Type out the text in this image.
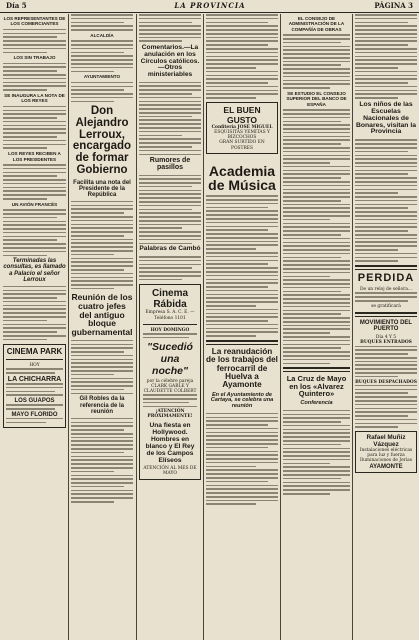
Día 5	LA PROVINCIA	PÁGINA 3
LOS REPRESENTANTES DE LOS COMERCIANTES
LOS SIN TRABAJO
SE INAUGURA LA NOTA DE LOS REYES
LOS REYES RECIBEN A LOS PRESIDENTES
UN AVIÓN FRANCÉS
Terminadas las consultas, es llamado a Palacio el señor Lerroux
CINEMA PARK
HOY
LA CHICHARRA
LOS GUAPOS
MAYO FLORIDO
ALCALDÍA
AYUNTAMIENTO
Don Alejandro Lerroux, encargado de formar Gobierno
Facilita una nota del Presidente de la República
Reunión de los cuatro jefes del antiguo bloque gubernamental
Gil Robles da la referencia de la reunión
Comentarios.—La anulación en los Círculos católicos.—Otros ministeriables
Rumores de pasillos
Palabras de Cambó
Cinema Rábida
Empresa S. A. C. E. — Teléfono 1101
HOY DOMINGO
"Sucedió una noche"
por la célebre pareja CLARK GABLE Y CLAUDETTE COLBERT
¡ATENCIÓN PRÓXIMAMENTE!
Una fiesta en Hollywood. Hombres en blanco y El Rey de los Campos Elíseos
ATENCIÓN AL MES DE MAYO
EL BUEN GUSTO
Confitería JOSÉ MIGUEL
ESQUISITAS YEMITAS Y BIZCOCHOS
GRAN SURTIDO EN POSTRES
Academia de Música
La reanudación de los trabajos del ferrocarril de Huelva a Ayamonte
En el Ayuntamiento de Cartaya, se celebra una reunión
EL CONSEJO DE ADMINISTRACIÓN DE LA COMPAÑÍA DE OBRAS
SE ESTUDIO EL CONSEJO SUPERIOR DEL BANCO DE ESPAÑA
La Cruz de Mayo en los «Alvarez Quintero»
Conferencia
Los niños de las Escuelas Nacionales de Bonares, visitan la Provincia
PERDIDA
De un reloj de señora...
se gratificará
MOVIMIENTO DEL PUERTO
Día 4 Y 5
BUQUES ENTRADOS
BUQUES DESPACHADOS
Rafael Muñiz Vázquez
Instalaciones eléctricas para luz y fuerza
Iluminaciones de Jerias
AYAMONTE
